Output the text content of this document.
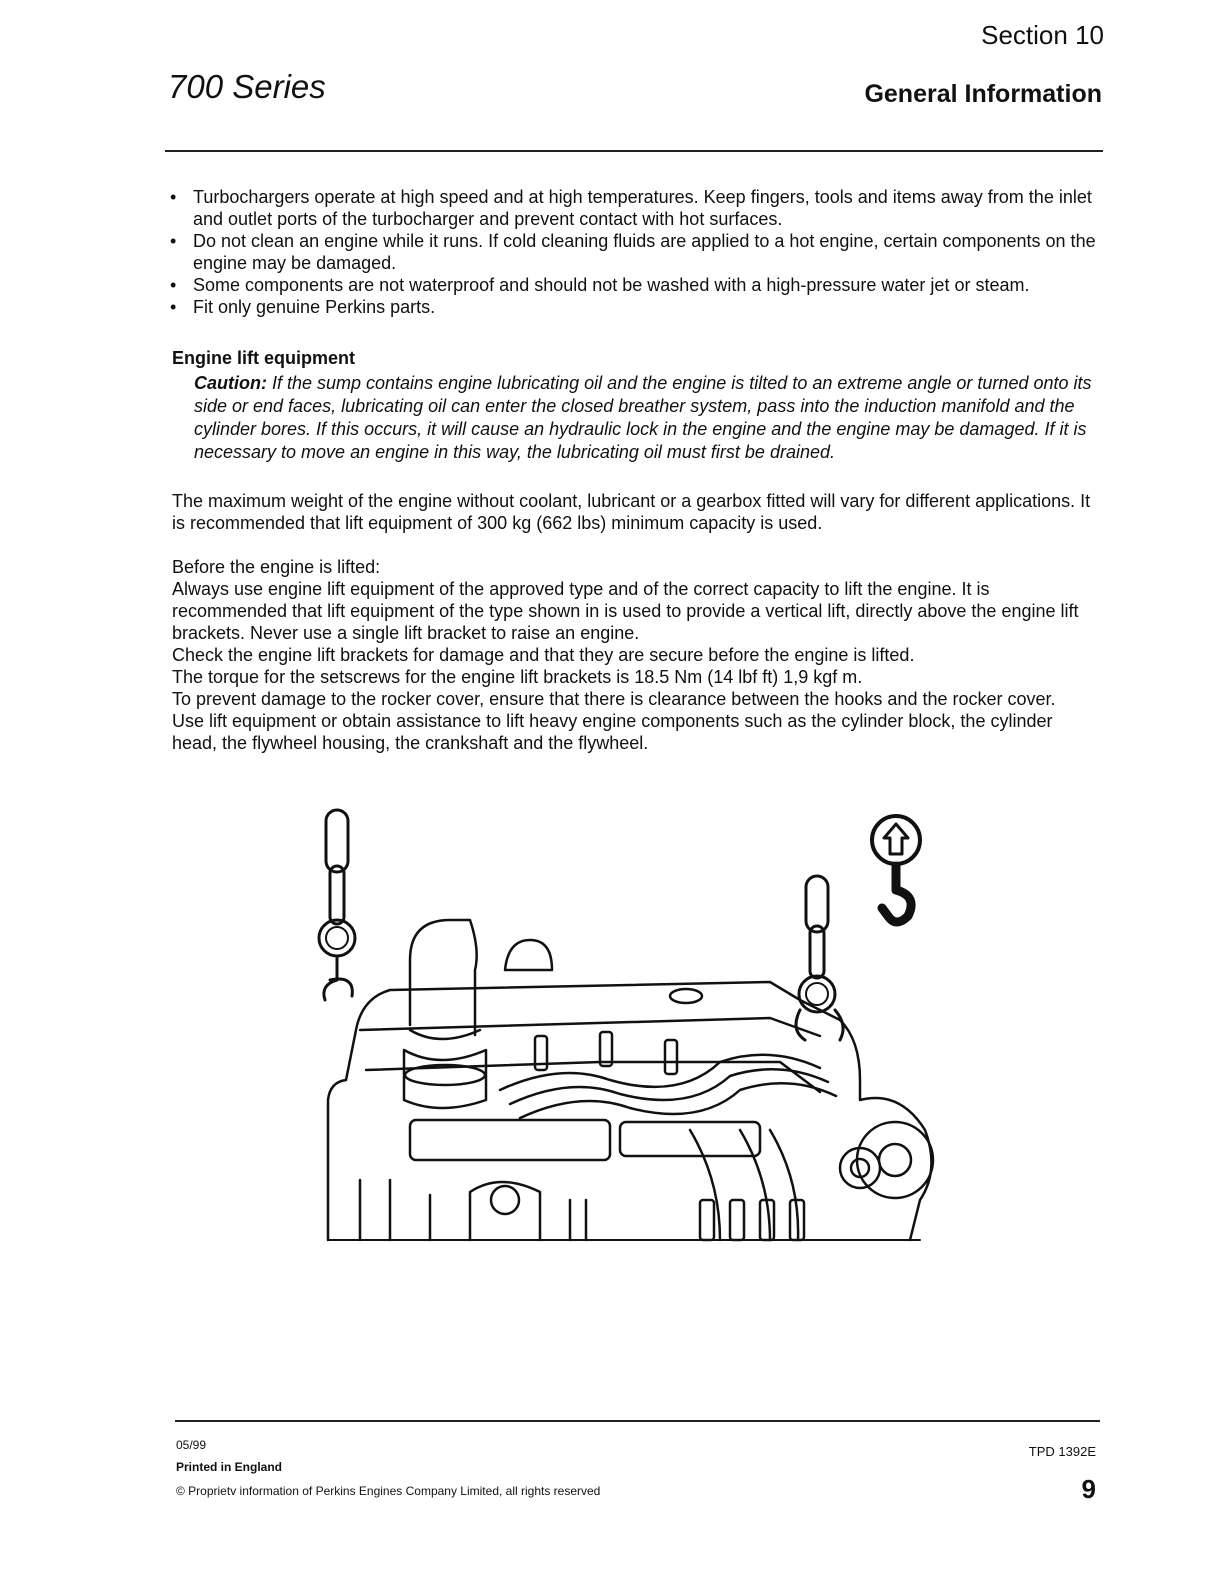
Section 10
700 Series	General Information
• Turbochargers operate at high speed and at high temperatures. Keep fingers, tools and items away from the inlet and outlet ports of the turbocharger and prevent contact with hot surfaces.
• Do not clean an engine while it runs. If cold cleaning fluids are applied to a hot engine, certain components on the engine may be damaged.
• Some components are not waterproof and should not be washed with a high-pressure water jet or steam.
• Fit only genuine Perkins parts.
Engine lift equipment
Caution: If the sump contains engine lubricating oil and the engine is tilted to an extreme angle or turned onto its side or end faces, lubricating oil can enter the closed breather system, pass into the induction manifold and the cylinder bores. If this occurs, it will cause an hydraulic lock in the engine and the engine may be damaged. If it is necessary to move an engine in this way, the lubricating oil must first be drained.

The maximum weight of the engine without coolant, lubricant or a gearbox fitted will vary for different applications. It is recommended that lift equipment of 300 kg (662 lbs) minimum capacity is used.

Before the engine is lifted:
Always use engine lift equipment of the approved type and of the correct capacity to lift the engine. It is recommended that lift equipment of the type shown in is used to provide a vertical lift, directly above the engine lift brackets. Never use a single lift bracket to raise an engine.
Check the engine lift brackets for damage and that they are secure before the engine is lifted.
The torque for the setscrews for the engine lift brackets is 18.5 Nm (14 lbf ft) 1,9 kgf m.
To prevent damage to the rocker cover, ensure that there is clearance between the hooks and the rocker cover.
Use lift equipment or obtain assistance to lift heavy engine components such as the cylinder block, the cylinder head, the flywheel housing, the crankshaft and the flywheel.
05/99
Printed in England
© Proprietv information of Perkins Engines Company Limited, all rights reserved
TPD 1392E
9
